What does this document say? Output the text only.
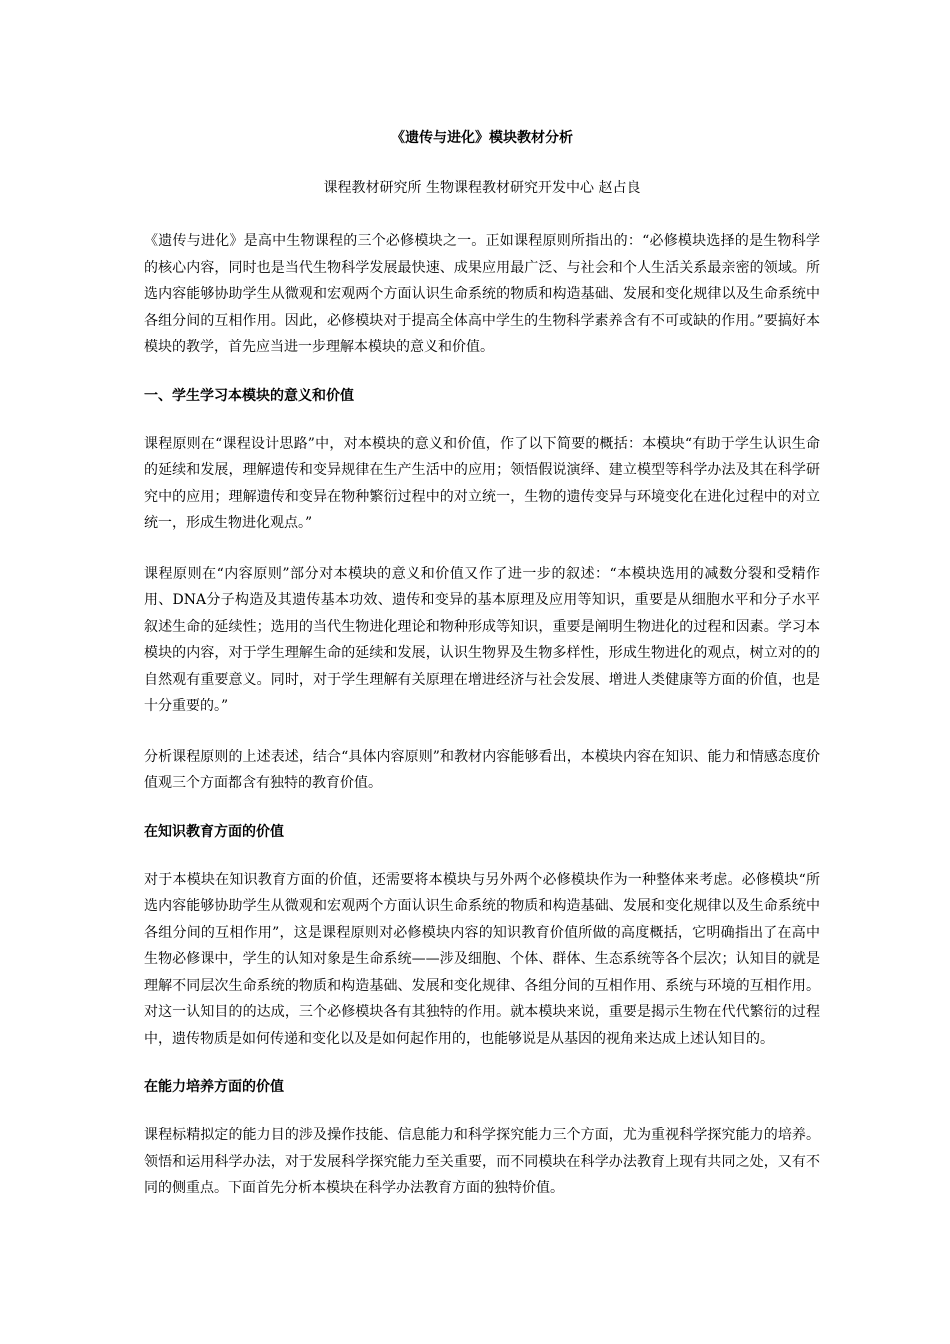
《遗传与进化》模块教材分析
课程教材研究所 生物课程教材研究开发中心 赵占良

《遗传与进化》是高中生物课程的三个必修模块之一。正如课程原则所指出的：“必修模块选择的是生物科学的核心内容，同时也是当代生物科学发展最快速、成果应用最广泛、与社会和个人生活关系最亲密的领域。所选内容能够协助学生从微观和宏观两个方面认识生命系统的物质和构造基础、发展和变化规律以及生命系统中各组分间的互相作用。因此，必修模块对于提高全体高中学生的生物科学素养含有不可或缺的作用。”要搞好本模块的教学，首先应当进一步理解本模块的意义和价值。

一、学生学习本模块的意义和价值

课程原则在“课程设计思路”中，对本模块的意义和价值，作了以下简要的概括：本模块“有助于学生认识生命的延续和发展，理解遗传和变异规律在生产生活中的应用；领悟假说演绎、建立模型等科学办法及其在科学研究中的应用；理解遗传和变异在物种繁衍过程中的对立统一，生物的遗传变异与环境变化在进化过程中的对立统一，形成生物进化观点。”

课程原则在“内容原则”部分对本模块的意义和价值又作了进一步的叙述：“本模块选用的减数分裂和受精作用、DNA分子构造及其遗传基本功效、遗传和变异的基本原理及应用等知识，重要是从细胞水平和分子水平叙述生命的延续性；选用的当代生物进化理论和物种形成等知识，重要是阐明生物进化的过程和因素。学习本模块的内容，对于学生理解生命的延续和发展，认识生物界及生物多样性，形成生物进化的观点，树立对的的自然观有重要意义。同时，对于学生理解有关原理在增进经济与社会发展、增进人类健康等方面的价值，也是十分重要的。”

分析课程原则的上述表述，结合“具体内容原则”和教材内容能够看出，本模块内容在知识、能力和情感态度价值观三个方面都含有独特的教育价值。

在知识教育方面的价值

对于本模块在知识教育方面的价值，还需要将本模块与另外两个必修模块作为一种整体来考虑。必修模块“所选内容能够协助学生从微观和宏观两个方面认识生命系统的物质和构造基础、发展和变化规律以及生命系统中各组分间的互相作用”，这是课程原则对必修模块内容的知识教育价值所做的高度概括，它明确指出了在高中生物必修课中，学生的认知对象是生命系统——涉及细胞、个体、群体、生态系统等各个层次；认知目的就是理解不同层次生命系统的物质和构造基础、发展和变化规律、各组分间的互相作用、系统与环境的互相作用。对这一认知目的的达成，三个必修模块各有其独特的作用。就本模块来说，重要是揭示生物在代代繁衍的过程中，遗传物质是如何传递和变化以及是如何起作用的，也能够说是从基因的视角来达成上述认知目的。

在能力培养方面的价值

课程标精拟定的能力目的涉及操作技能、信息能力和科学探究能力三个方面，尤为重视科学探究能力的培养。领悟和运用科学办法，对于发展科学探究能力至关重要，而不同模块在科学办法教育上现有共同之处，又有不同的侧重点。下面首先分析本模块在科学办法教育方面的独特价值。
